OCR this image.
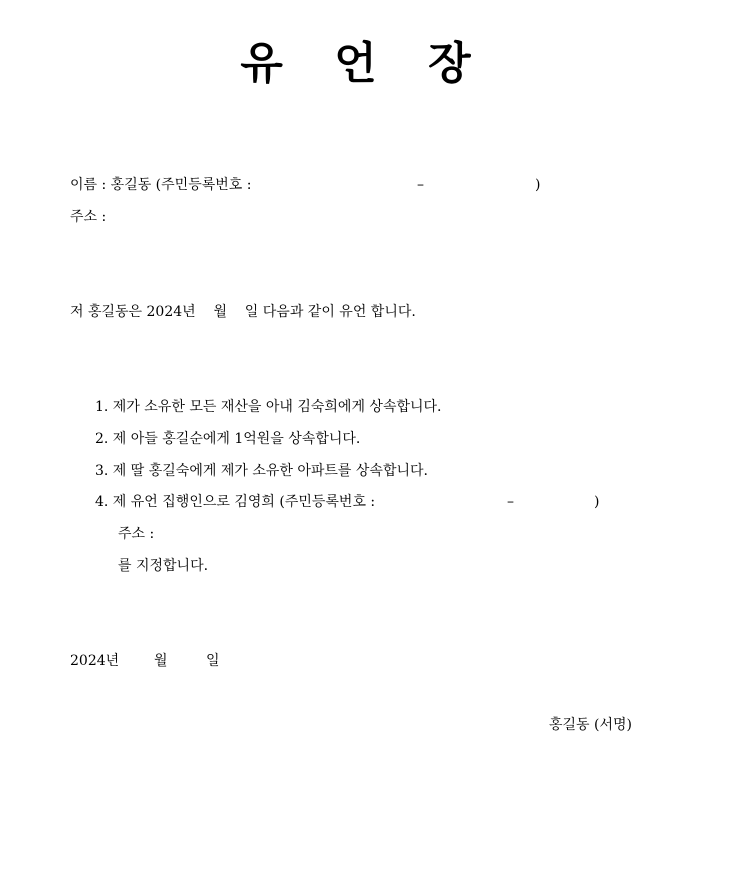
유 언 장

이름 : 홍길동 (주민등록번호 :

	–

	)

주소 :
저 홍길동은 2024년    월    일 다음과 같이 유언 합니다.
1. 제가 소유한 모든 재산을 아내 김숙희에게 상속합니다.
2. 제 아들 홍길순에게 1억원을 상속합니다.
3. 제 딸 홍길숙에게 제가 소유한 아파트를 상속합니다.

4. 제 유언 집행인으로 김영희 (주민등록번호 :

	–

	)

주소 :
를 지정합니다.

2024년

월

	일

홍길동 (서명)
